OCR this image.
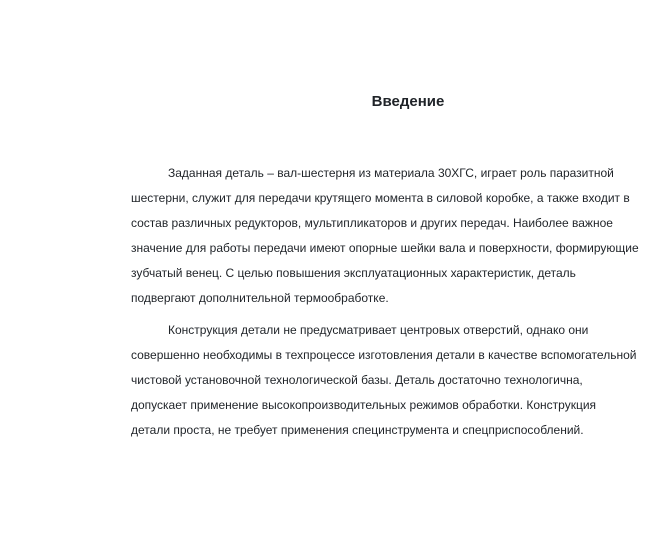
Введение
Заданная деталь – вал-шестерня из материала 30ХГС, играет роль паразитной
шестерни, служит для передачи крутящего момента в силовой коробке, а также входит в
состав различных редукторов, мультипликаторов и других передач. Наиболее важное
значение для работы передачи имеют опорные шейки вала и поверхности, формирующие
зубчатый венец. С целью повышения эксплуатационных характеристик, деталь
подвергают дополнительной термообработке.
Конструкция детали не предусматривает центровых отверстий, однако они
совершенно необходимы в техпроцессе изготовления детали в качестве вспомогательной
чистовой установочной технологической базы. Деталь достаточно технологична,
допускает применение высокопроизводительных режимов обработки. Конструкция
детали проста, не требует применения специнструмента и спецприспособлений.
